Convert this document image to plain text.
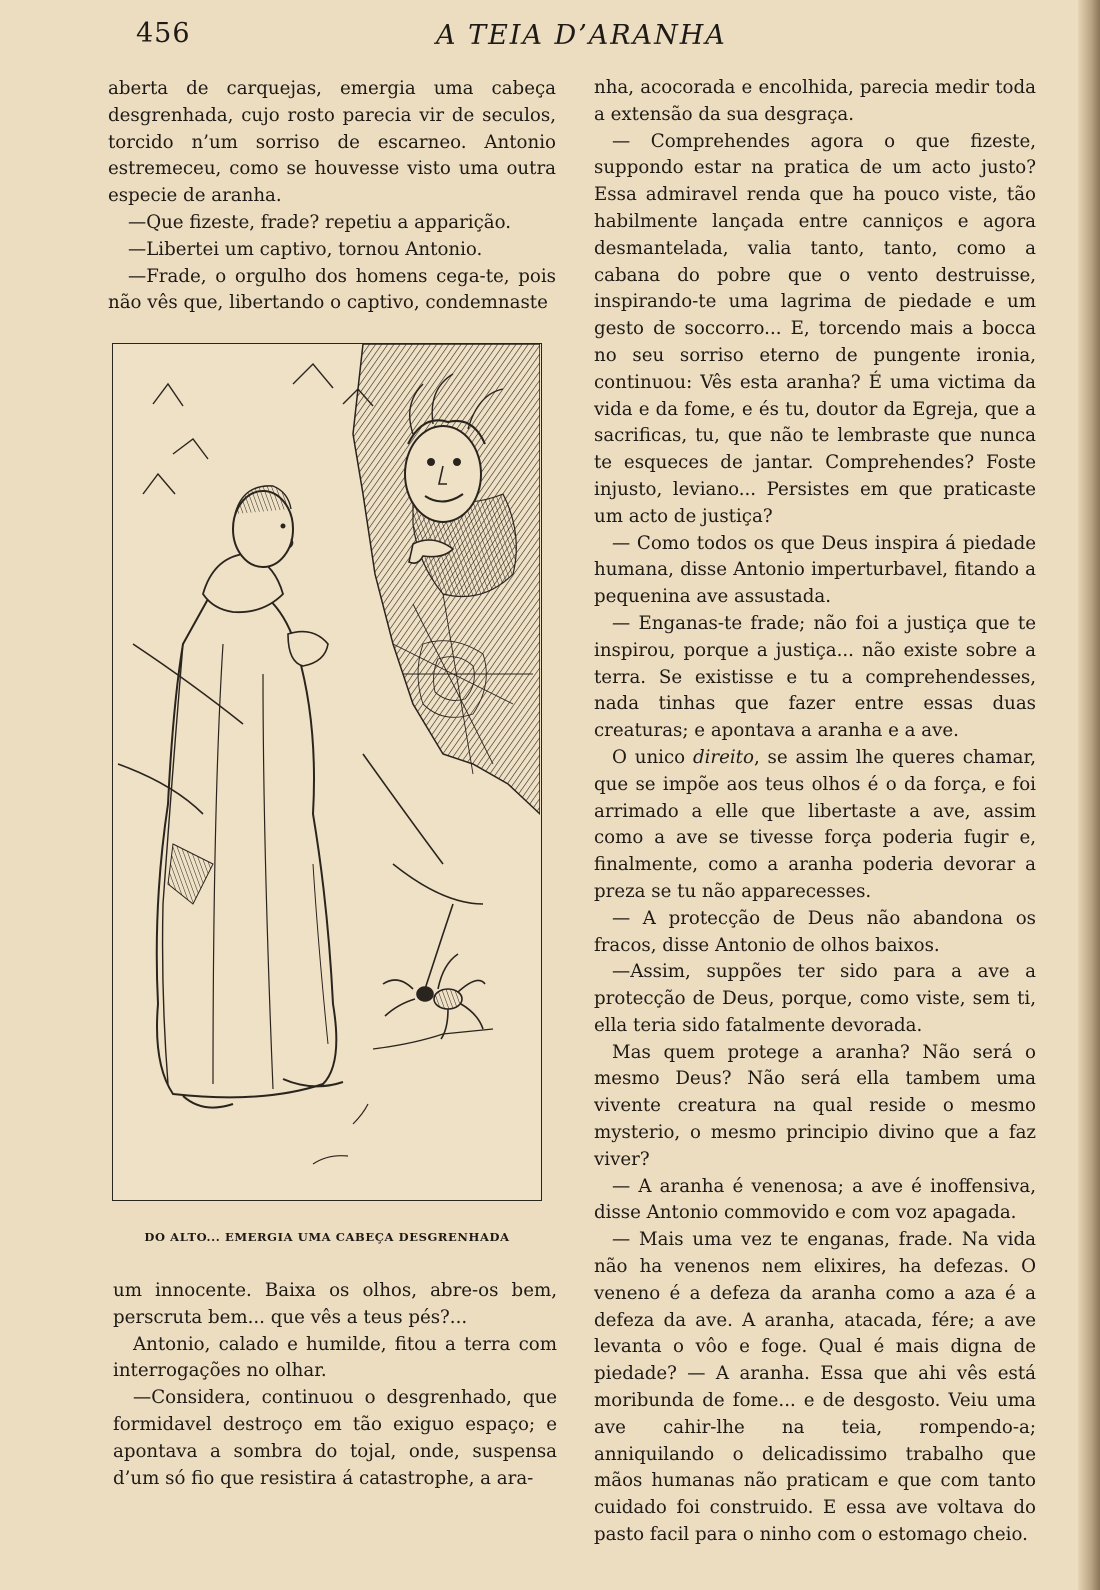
456	A TEIA D’ARANHA

aberta de carquejas, emergia uma cabeça desgrenhada, cujo rosto parecia vir de seculos, torcido n’um sorriso de escarneo. Antonio estremeceu, como se houvesse visto uma outra especie de aranha.

—Que fizeste, frade? repetiu a apparição.

—Libertei um captivo, tornou Antonio.

—Frade, o orgulho dos homens cega-te, pois não vês que, libertando o captivo, condemnaste

DO ALTO... EMERGIA UMA CABEÇA DESGRENHADA

um innocente. Baixa os olhos, abre-os bem, perscruta bem... que vês a teus pés?...

Antonio, calado e humilde, fitou a terra com interrogações no olhar.

—Considera, continuou o desgrenhado, que formidavel destroço em tão exiguo espaço; e apontava a sombra do tojal, onde, suspensa d’um só fio que resistira á catastrophe, a ara-

nha, acocorada e encolhida, parecia medir toda a extensão da sua desgraça.

— Comprehendes agora o que fizeste, suppondo estar na pratica de um acto justo? Essa admiravel renda que ha pouco viste, tão habilmente lançada entre canniços e agora desmantelada, valia tanto, tanto, como a cabana do pobre que o vento destruisse, inspirando-te uma lagrima de piedade e um gesto de soccorro... E, torcendo mais a bocca no seu sorriso eterno de pungente ironia, continuou: Vês esta aranha? É uma victima da vida e da fome, e és tu, doutor da Egreja, que a sacrificas, tu, que não te lembraste que nunca te esqueces de jantar. Comprehendes? Foste injusto, leviano... Persistes em que praticaste um acto de justiça?

— Como todos os que Deus inspira á piedade humana, disse Antonio imperturbavel, fitando a pequenina ave assustada.

— Enganas-te frade; não foi a justiça que te inspirou, porque a justiça... não existe sobre a terra. Se existisse e tu a comprehendesses, nada tinhas que fazer entre essas duas creaturas; e apontava a aranha e a ave.

O unico direito, se assim lhe queres chamar, que se impõe aos teus olhos é o da força, e foi arrimado a elle que libertaste a ave, assim como a ave se tivesse força poderia fugir e, finalmente, como a aranha poderia devorar a preza se tu não apparecesses.

— A protecção de Deus não abandona os fracos, disse Antonio de olhos baixos.

—Assim, suppões ter sido para a ave a protecção de Deus, porque, como viste, sem ti, ella teria sido fatalmente devorada.

Mas quem protege a aranha? Não será o mesmo Deus? Não será ella tambem uma vivente creatura na qual reside o mesmo mysterio, o mesmo principio divino que a faz viver?

— A aranha é venenosa; a ave é inoffensiva, disse Antonio commovido e com voz apagada.

— Mais uma vez te enganas, frade. Na vida não ha venenos nem elixires, ha defezas. O veneno é a defeza da aranha como a aza é a defeza da ave. A aranha, atacada, fére; a ave levanta o vôo e foge. Qual é mais digna de piedade? — A aranha. Essa que ahi vês está moribunda de fome... e de desgosto. Veiu uma ave cahir-lhe na teia, rompendo-a; anniquilando o delicadissimo trabalho que mãos humanas não praticam e que com tanto cuidado foi construido. E essa ave voltava do pasto facil para o ninho com o estomago cheio.
